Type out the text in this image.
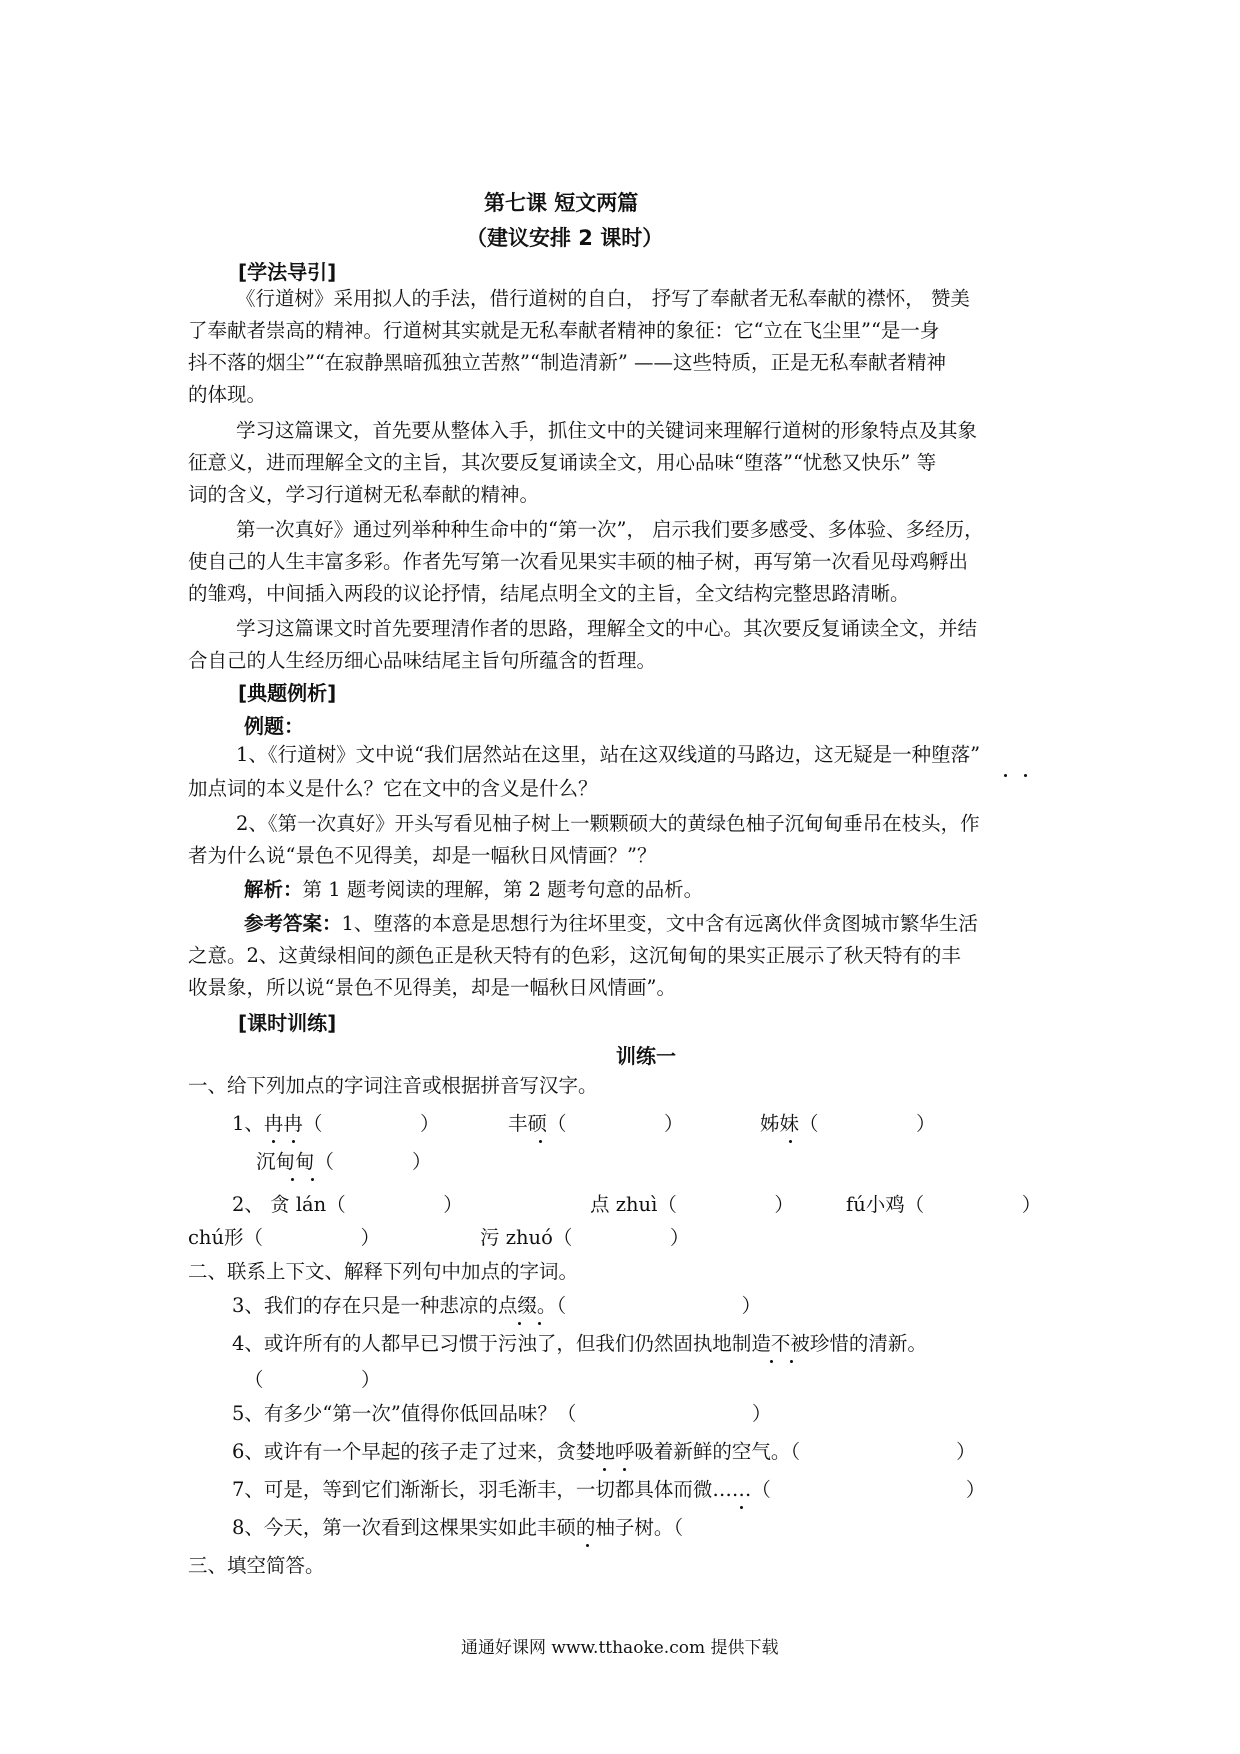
第七课 短文两篇
（建议安排 2 课时）
[学法导引]
《行道树》采用拟人的手法，借行道树的自白， 抒写了奉献者无私奉献的襟怀， 赞美
了奉献者崇高的精神。行道树其实就是无私奉献者精神的象征：它“立在飞尘里”“是一身
抖不落的烟尘”“在寂静黑暗孤独立苦熬”“制造清新” ——这些特质，正是无私奉献者精神
的体现。
学习这篇课文，首先要从整体入手，抓住文中的关键词来理解行道树的形象特点及其象
征意义，进而理解全文的主旨，其次要反复诵读全文，用心品味“堕落”“忧愁又快乐” 等
词的含义，学习行道树无私奉献的精神。
第一次真好》通过列举种种生命中的“第一次”， 启示我们要多感受、多体验、多经历，
使自己的人生丰富多彩。作者先写第一次看见果实丰硕的柚子树，再写第一次看见母鸡孵出
的雏鸡，中间插入两段的议论抒情，结尾点明全文的主旨，全文结构完整思路清晰。
学习这篇课文时首先要理清作者的思路，理解全文的中心。其次要反复诵读全文，并结
合自己的人生经历细心品味结尾主旨句所蕴含的哲理。
[典题例析]
例题：
1、《行道树》文中说“我们居然站在这里，站在这双线道的马路边，这无疑是一种堕落”
加点词的本义是什么？它在文中的含义是什么？
2、《第一次真好》开头写看见柚子树上一颗颗硕大的黄绿色柚子沉甸甸垂吊在枝头，作
者为什么说“景色不见得美，却是一幅秋日风情画？”？
解析：第 1 题考阅读的理解，第 2 题考句意的品析。
参考答案：1、堕落的本意是思想行为往坏里变，文中含有远离伙伴贪图城市繁华生活
之意。2、这黄绿相间的颜色正是秋天特有的色彩，这沉甸甸的果实正展示了秋天特有的丰
收景象，所以说“景色不见得美，却是一幅秋日风情画”。
[课时训练]
训练一
一、给下列加点的字词注音或根据拼音写汉字。
1、冉冉（　　　　　）	丰硕（　　　　　）	姊妹（　　　　　）
沉甸甸（　　　　）
2、 贪 lán（　　　　　）	点 zhuì（　　　　　）	fú小鸡（　　　　　）
chú形（　　　　　）	污 zhuó（　　　　　）
二、联系上下文、解释下列句中加点的字词。
3、我们的存在只是一种悲凉的点缀。（　　　　　　　　　）
4、或许所有的人都早已习惯于污浊了，但我们仍然固执地制造不被珍惜的清新。
（　　　　　）
5、有多少“第一次”值得你低回品味？（　　　　　　　　　）
6、或许有一个早起的孩子走了过来，贪婪地呼吸着新鲜的空气。（　　　　　　　　）
7、可是，等到它们渐渐长，羽毛渐丰，一切都具体而微……（　　　　　　　　　　）
8、今天，第一次看到这棵果实如此丰硕的柚子树。（
三、填空简答。
通通好课网 www.tthaoke.com 提供下载
